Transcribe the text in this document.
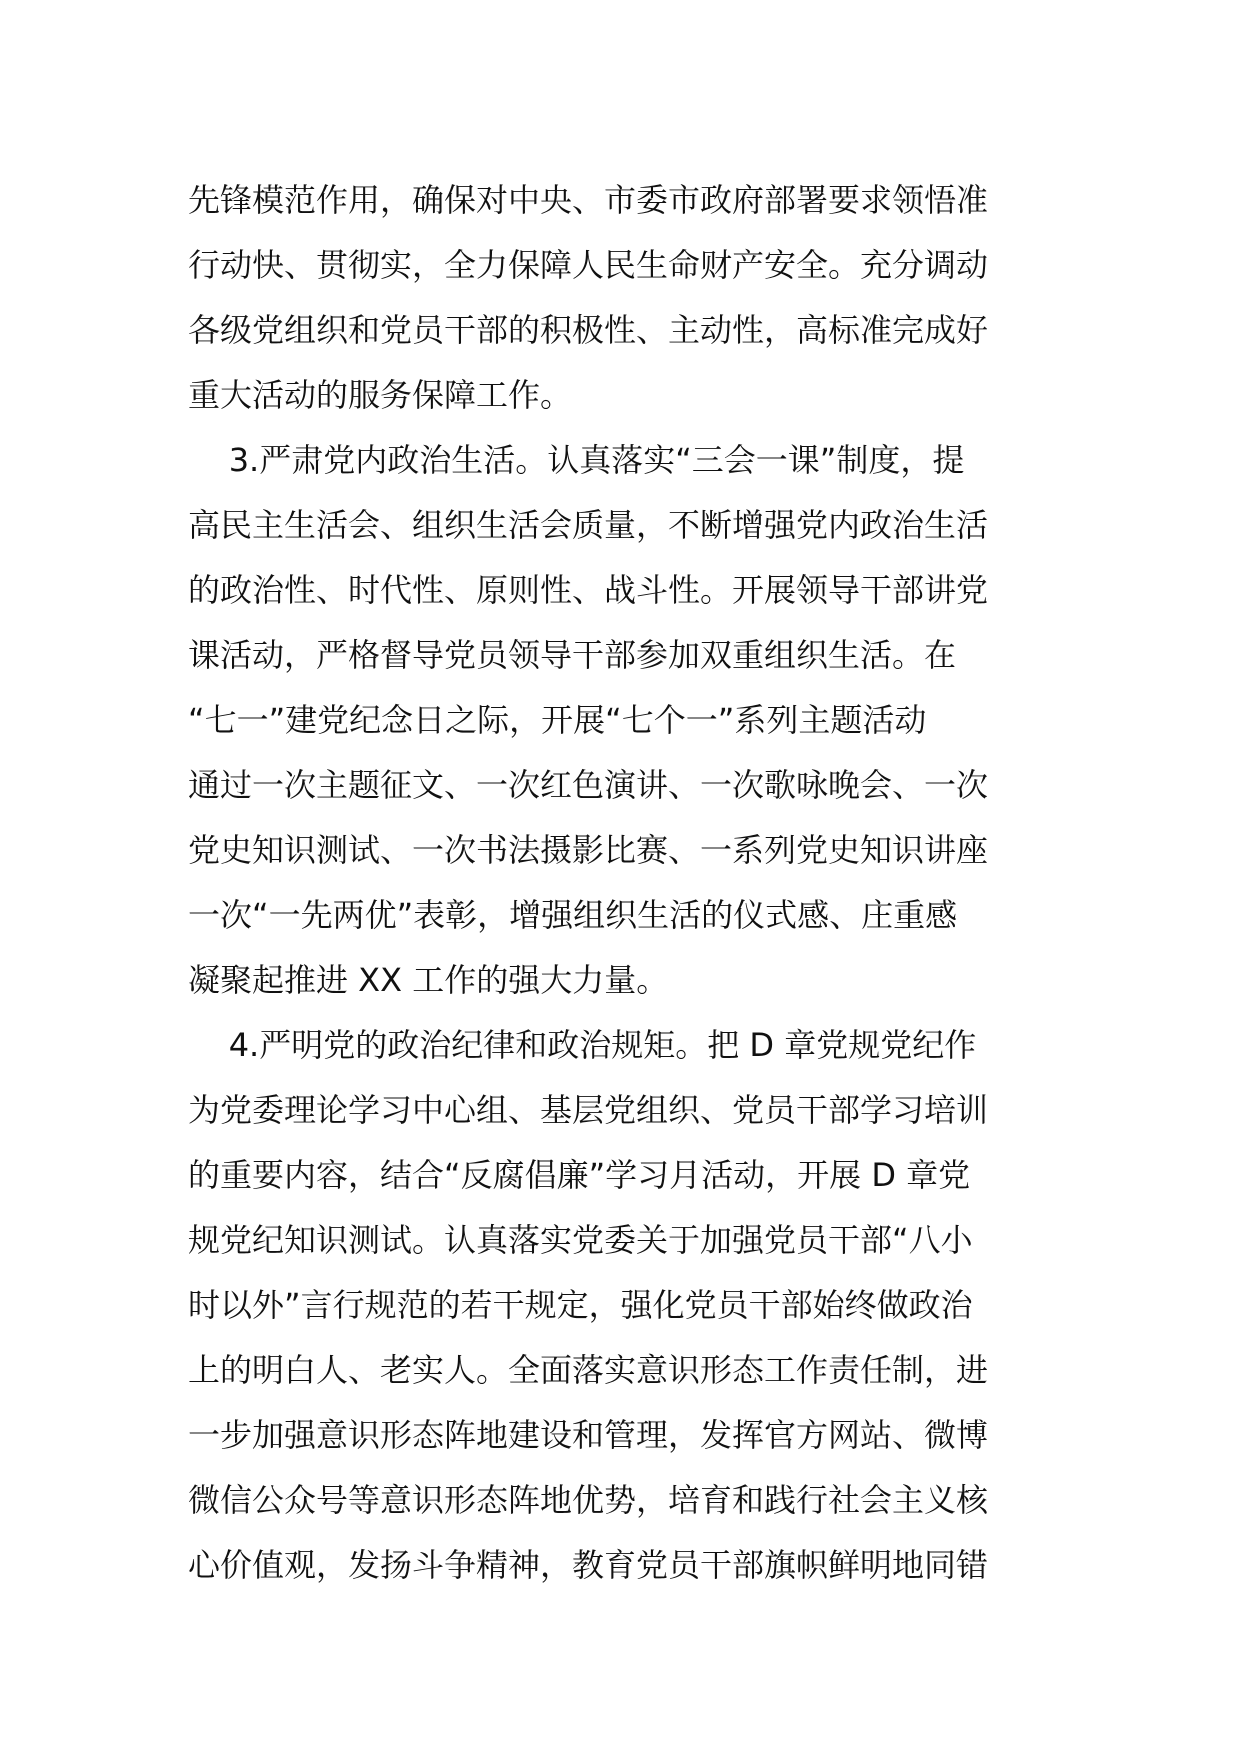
先锋模范作用，确保对中央、市委市政府部署要求领悟准
行动快、贯彻实，全力保障人民生命财产安全。充分调动
各级党组织和党员干部的积极性、主动性，高标准完成好
重大活动的服务保障工作。
3.严肃党内政治生活。认真落实“三会一课”制度，提
高民主生活会、组织生活会质量，不断增强党内政治生活
的政治性、时代性、原则性、战斗性。开展领导干部讲党
课活动，严格督导党员领导干部参加双重组织生活。在
“七一”建党纪念日之际，开展“七个一”系列主题活动
通过一次主题征文、一次红色演讲、一次歌咏晚会、一次
党史知识测试、一次书法摄影比赛、一系列党史知识讲座
一次“一先两优”表彰，增强组织生活的仪式感、庄重感
凝聚起推进 XX 工作的强大力量。
4.严明党的政治纪律和政治规矩。把 D 章党规党纪作
为党委理论学习中心组、基层党组织、党员干部学习培训
的重要内容，结合“反腐倡廉”学习月活动，开展 D 章党
规党纪知识测试。认真落实党委关于加强党员干部“八小
时以外”言行规范的若干规定，强化党员干部始终做政治
上的明白人、老实人。全面落实意识形态工作责任制，进
一步加强意识形态阵地建设和管理，发挥官方网站、微博
微信公众号等意识形态阵地优势，培育和践行社会主义核
心价值观，发扬斗争精神，教育党员干部旗帜鲜明地同错
